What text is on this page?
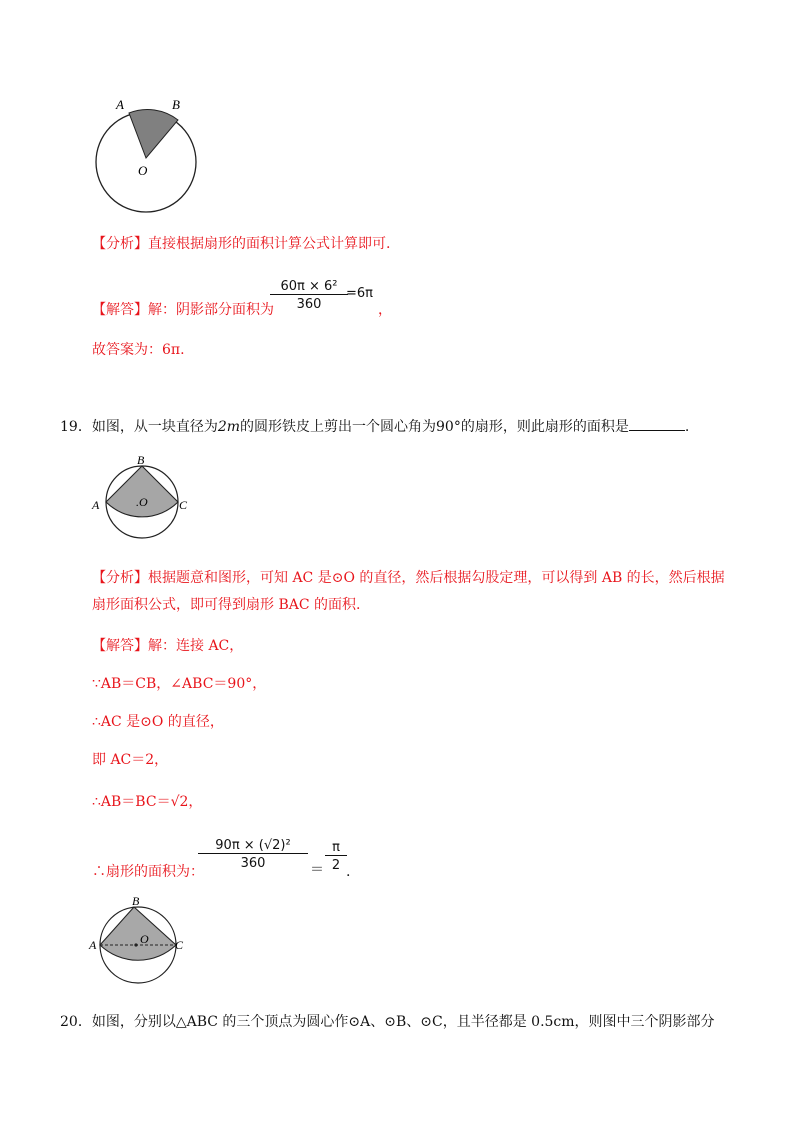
A	B
O
【分析】直接根据扇形的面积计算公式计算即可.
【解答】解：阴影部分面积为
$\frac{\text{60π × 6²}}{360}$
=6π
，
故答案为：6π.
19．如图，从一块直径为2m的圆形铁皮上剪出一个圆心角为90°的扇形，则此扇形的面积是	.
B
A	C
.O
【分析】根据题意和图形，可知 AC 是⊙O 的直径，然后根据勾股定理，可以得到 AB 的长，然后根据
扇形面积公式，即可得到扇形 BAC 的面积.
【解答】解：连接 AC，
∵AB＝CB，∠ABC＝90°，
∴AC 是⊙O 的直径，
即 AC＝2，
∴AB＝BC＝√2，
∴扇形的面积为：
$\frac{\text{90π × (√2)²}}{360} = \frac{\pi}{2}$ .
B
A	C
O
20．如图，分别以△ABC 的三个顶点为圆心作⊙A、⊙B、⊙C，且半径都是 0.5cm，则图中三个阴影部分
